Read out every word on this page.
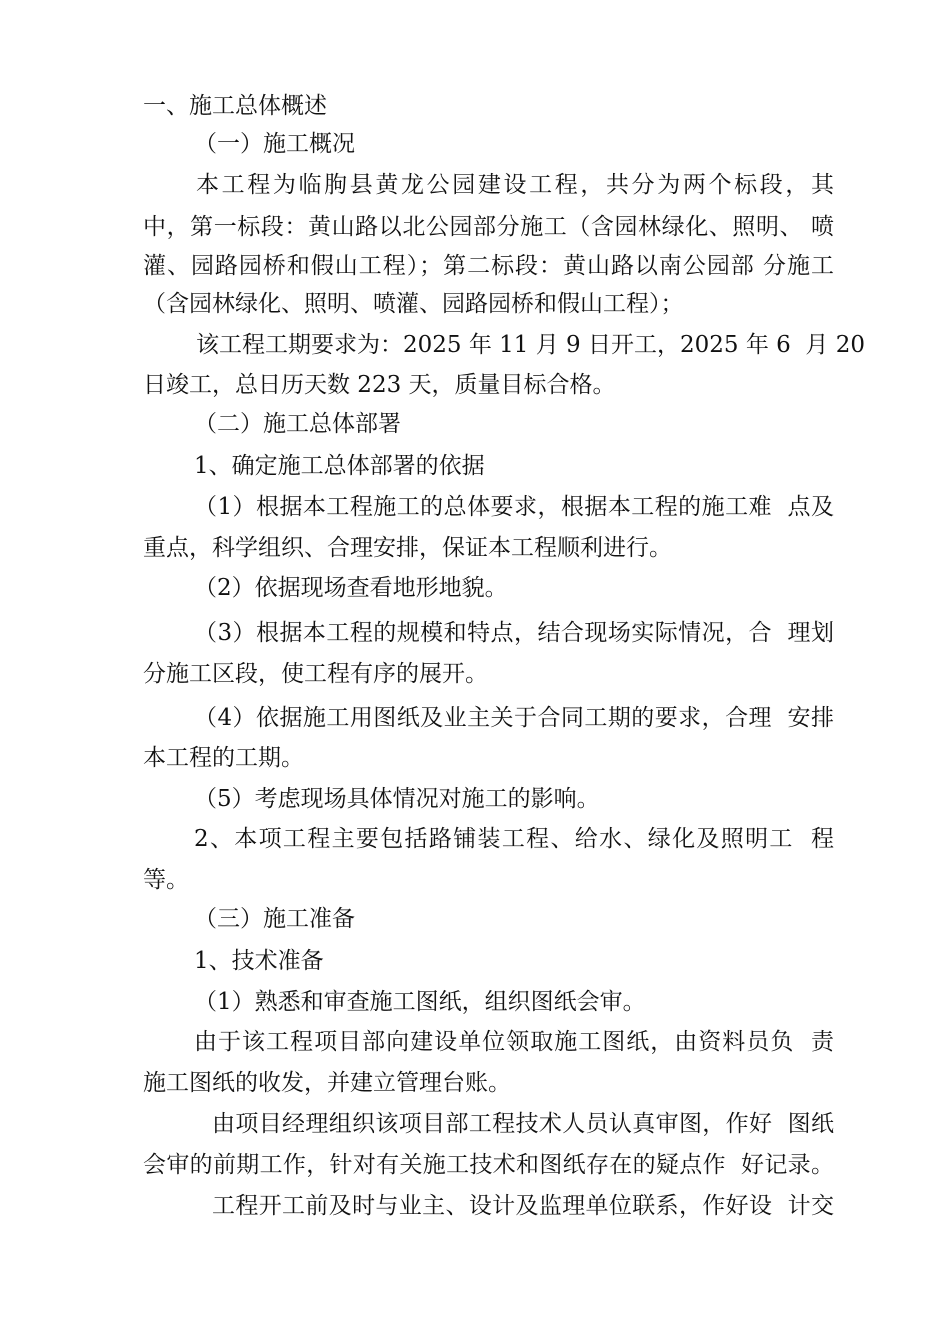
一、施工总体概述
（一）施工概况
本工程为临朐县黄龙公园建设工程，共分为两个标段，其
中，第一标段：黄山路以北公园部分施工（含园林绿化、照明、 喷
灌、园路园桥和假山工程）；第二标段：黄山路以南公园部 分施工
（含园林绿化、照明、喷灌、园路园桥和假山工程）；
该工程工期要求为：2025 年 11 月 9 日开工，2025 年 6  月 20
日竣工，总日历天数 223 天，质量目标合格。
（二）施工总体部署
1、确定施工总体部署的依据
（1）根据本工程施工的总体要求，根据本工程的施工难  点及
重点，科学组织、合理安排，保证本工程顺利进行。
（2）依据现场查看地形地貌。
（3）根据本工程的规模和特点，结合现场实际情况，合  理划
分施工区段，使工程有序的展开。
（4）依据施工用图纸及业主关于合同工期的要求，合理  安排
本工程的工期。
（5）考虑现场具体情况对施工的影响。
2、本项工程主要包括路铺装工程、给水、绿化及照明工  程
等。
（三）施工准备
1、技术准备
（1）熟悉和审查施工图纸，组织图纸会审。
由于该工程项目部向建设单位领取施工图纸，由资料员负  责
施工图纸的收发，并建立管理台账。
由项目经理组织该项目部工程技术人员认真审图，作好  图纸
会审的前期工作，针对有关施工技术和图纸存在的疑点作  好记录。
工程开工前及时与业主、设计及监理单位联系，作好设  计交
